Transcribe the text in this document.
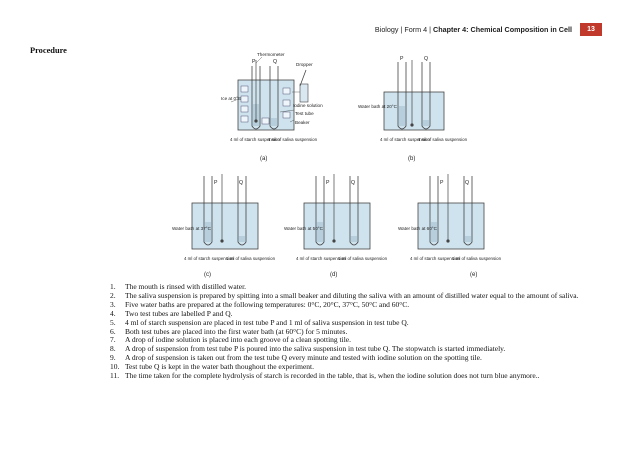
Biology | Form 4 | Chapter 4: Chemical Composition in Cell	13
Procedure	Thermometer
P	Q	Dropper
Ice at 0°C
Iodine solution
Test tube
Beaker
4 ml of starch suspension
1 ml of saliva suspension
(a)
P	Q
Water bath at 20°C
4 ml of starch suspension
1 ml of saliva suspension
(b)
P	Q
Water bath at 37°C
4 ml of starch suspension
1 ml of saliva suspension
(c)
P	Q
Water bath at 50°C
4 ml of starch suspension
1 ml of saliva suspension
(d)
P	Q
Water bath at 60°C
4 ml of starch suspension
1 ml of saliva suspension
(e)
1. The mouth is rinsed with distilled water.
2. The saliva suspension is prepared by spitting into a small beaker and diluting the saliva with an amount of distilled water equal to the amount of saliva.
3. Five water baths are prepared at the following temperatures: 0°C, 20°C, 37°C, 50°C and 60°C.
4. Two test tubes are labelled P and Q.
5. 4 ml of starch suspension are placed in test tube P and 1 ml of saliva suspension in test tube Q.
6. Both test tubes are placed into the first water bath (at 60°C) for 5 minutes.
7. A drop of iodine solution is placed into each groove of a clean spotting tile.
8. A drop of suspension from test tube P is poured into the saliva suspension in test tube Q. The stopwatch is started immediately.
9. A drop of suspension is taken out from the test tube Q every minute and tested with iodine solution on the spotting tile.
10. Test tube Q is kept in the water bath thoughout the experiment.
11. The time taken for the complete hydrolysis of starch is recorded in the table, that is, when the iodine solution does not turn blue anymore..
